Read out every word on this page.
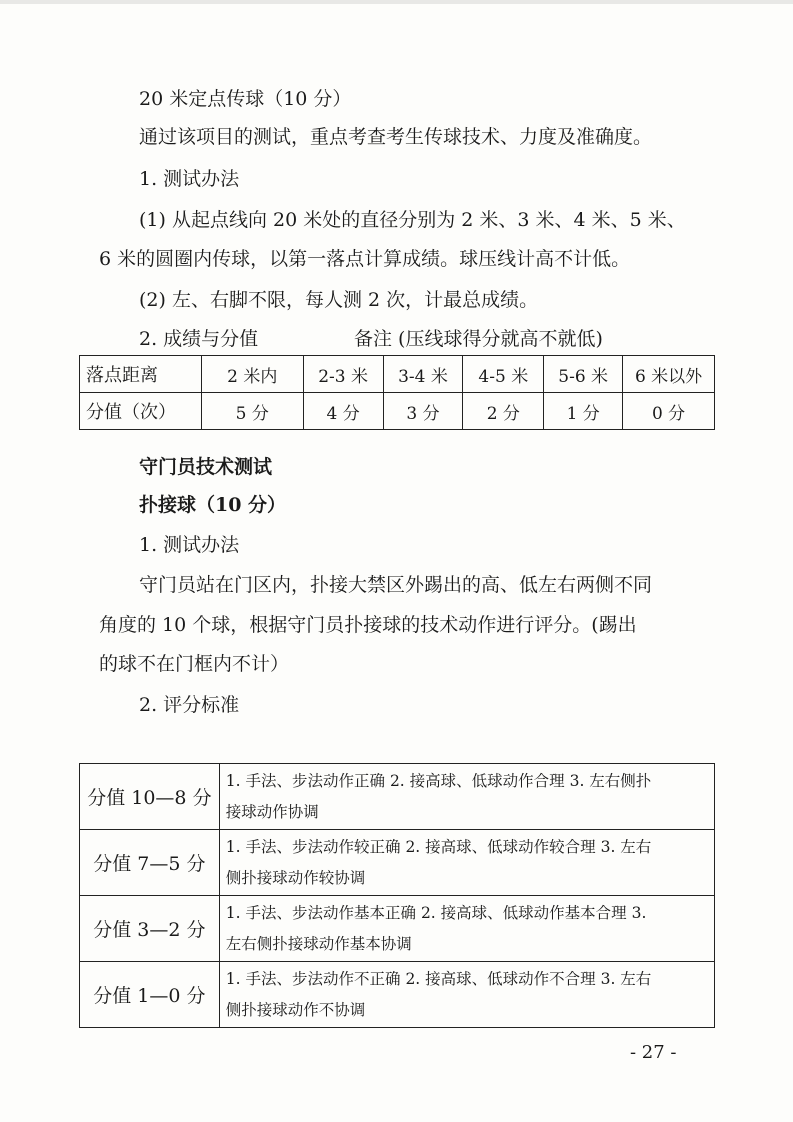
20 米定点传球（10 分）
通过该项目的测试，重点考查考生传球技术、力度及准确度。
1. 测试办法
(1) 从起点线向 20 米处的直径分别为 2 米、3 米、4 米、5 米、
6 米的圆圈内传球，以第一落点计算成绩。球压线计高不计低。
(2) 左、右脚不限，每人测 2 次，计最总成绩。
2. 成绩与分值	备注 (压线球得分就高不就低)
落点距离	2 米内	2-3 米	3-4 米	4-5 米	5-6 米	6 米以外
分值（次）	5 分	4 分	3 分	2 分	1 分	0 分
守门员技术测试
扑接球（10 分）
1. 测试办法
守门员站在门区内，扑接大禁区外踢出的高、低左右两侧不同
角度的 10 个球，根据守门员扑接球的技术动作进行评分。(踢出
的球不在门框内不计）
2. 评分标准
分值 10—8 分	1. 手法、步法动作正确 2. 接高球、低球动作合理 3. 左右侧扑
接球动作协调

分值 7—5 分	1. 手法、步法动作较正确 2. 接高球、低球动作较合理 3. 左右
侧扑接球动作较协调

分值 3—2 分	1. 手法、步法动作基本正确 2. 接高球、低球动作基本合理 3.
左右侧扑接球动作基本协调

分值 1—0 分	1. 手法、步法动作不正确 2. 接高球、低球动作不合理 3. 左右
侧扑接球动作不协调
- 27 -
